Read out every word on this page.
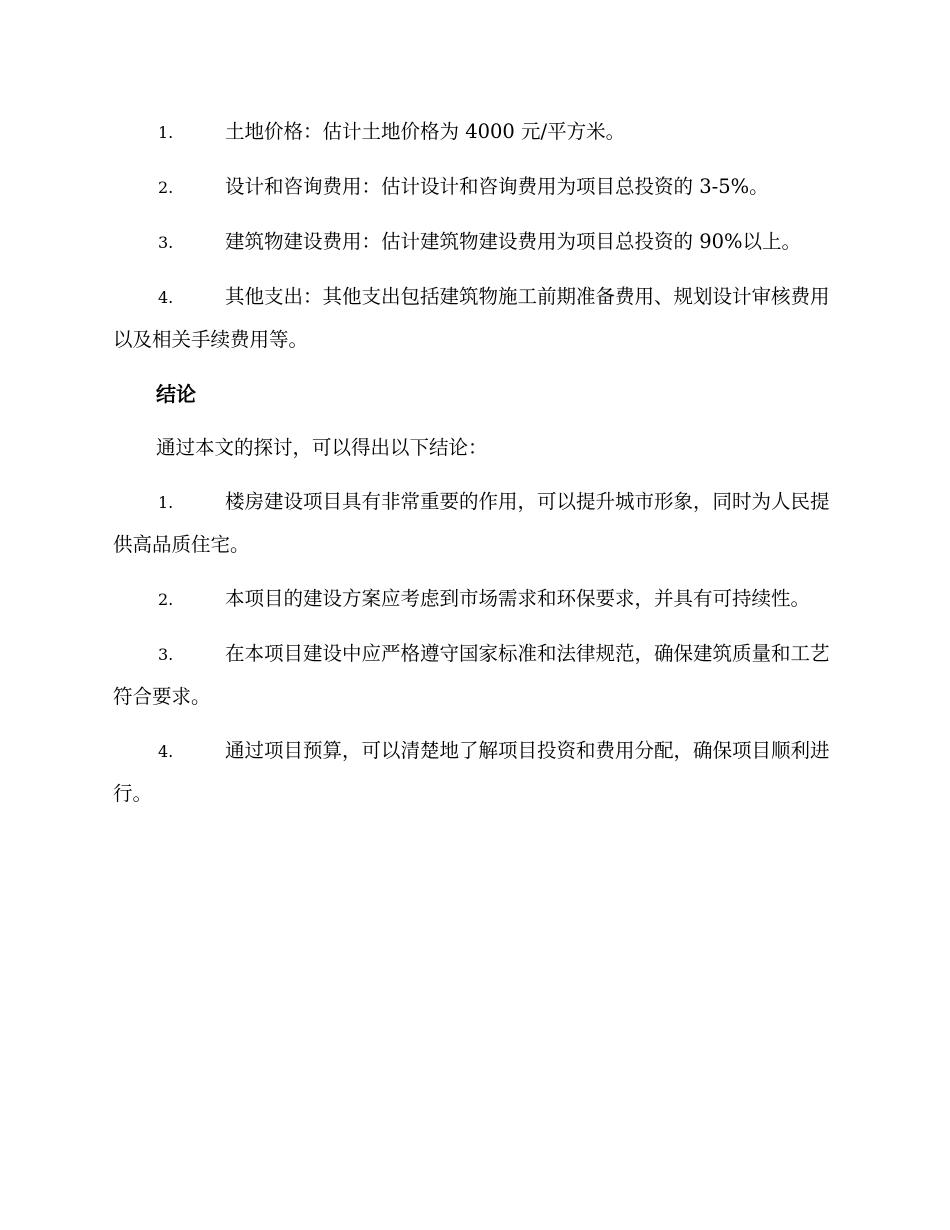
1.	土地价格：估计土地价格为 4000 元/平方米。
2.	设计和咨询费用：估计设计和咨询费用为项目总投资的 3-5%。
3.	建筑物建设费用：估计建筑物建设费用为项目总投资的 90%以上。
4.	其他支出：其他支出包括建筑物施工前期准备费用、规划设计审核费用以及相关手续费用等。
结论
通过本文的探讨，可以得出以下结论：
1.	楼房建设项目具有非常重要的作用，可以提升城市形象，同时为人民提供高品质住宅。
2.	本项目的建设方案应考虑到市场需求和环保要求，并具有可持续性。
3.	在本项目建设中应严格遵守国家标准和法律规范，确保建筑质量和工艺符合要求。
4.	通过项目预算，可以清楚地了解项目投资和费用分配，确保项目顺利进行。
